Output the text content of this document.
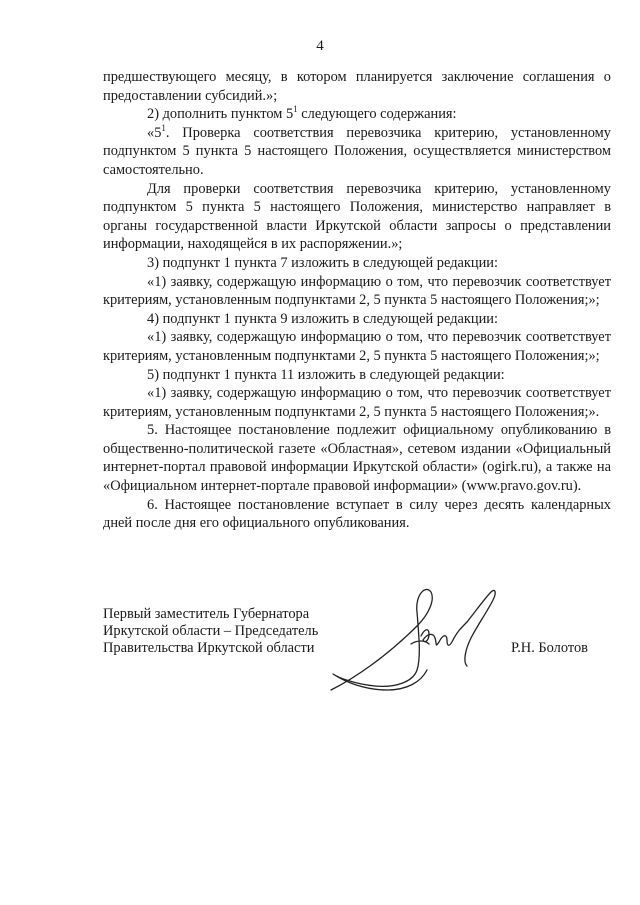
4

предшествующего месяцу, в котором планируется заключение соглашения о предоставлении субсидий.»;

2) дополнить пунктом $5^1$ следующего содержания:

«$5^1$. Проверка соответствия перевозчика критерию, установленному подпунктом 5 пункта 5 настоящего Положения, осуществляется министерством самостоятельно.

Для проверки соответствия перевозчика критерию, установленному подпунктом 5 пункта 5 настоящего Положения, министерство направляет в органы государственной власти Иркутской области запросы о представлении информации, находящейся в их распоряжении.»;

3) подпункт 1 пункта 7 изложить в следующей редакции:

«1) заявку, содержащую информацию о том, что перевозчик соответствует критериям, установленным подпунктами 2, 5 пункта 5 настоящего Положения;»;

4) подпункт 1 пункта 9 изложить в следующей редакции:

«1) заявку, содержащую информацию о том, что перевозчик соответствует критериям, установленным подпунктами 2, 5 пункта 5 настоящего Положения;»;

5) подпункт 1 пункта 11 изложить в следующей редакции:

«1) заявку, содержащую информацию о том, что перевозчик соответствует критериям, установленным подпунктами 2, 5 пункта 5 настоящего Положения;».

5. Настоящее постановление подлежит официальному опубликованию в общественно-политической газете «Областная», сетевом издании «Официальный интернет-портал правовой информации Иркутской области» (ogirk.ru), а также на «Официальном интернет-портале правовой информации» (www.pravo.gov.ru).

6. Настоящее постановление вступает в силу через десять календарных дней после дня его официального опубликования.

Первый заместитель Губернатора
Иркутской области – Председатель
Правительства Иркутской области	Р.Н. Болотов
